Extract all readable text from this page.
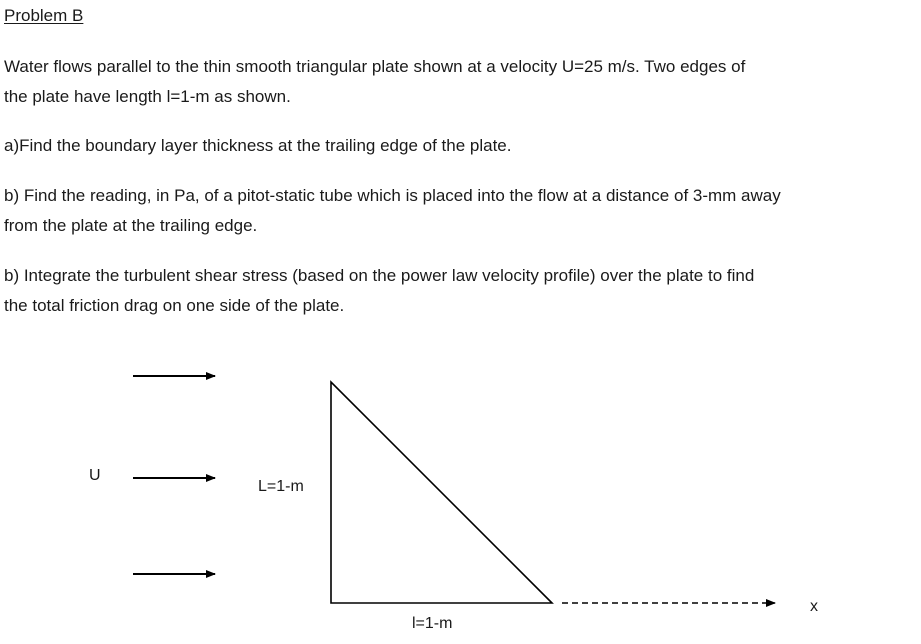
Problem B
Water flows parallel to the thin smooth triangular plate shown at a velocity U=25 m/s. Two edges of
the plate have length l=1-m as shown.
a)Find the boundary layer thickness at the trailing edge of the plate.
b) Find the reading, in Pa, of a pitot-static tube which is placed into the flow at a distance of 3-mm away
from the plate at the trailing edge.
b) Integrate the turbulent shear stress (based on the power law velocity profile) over the plate to find
the total friction drag on one side of the plate.
U
L=1-m
l=1-m
x
